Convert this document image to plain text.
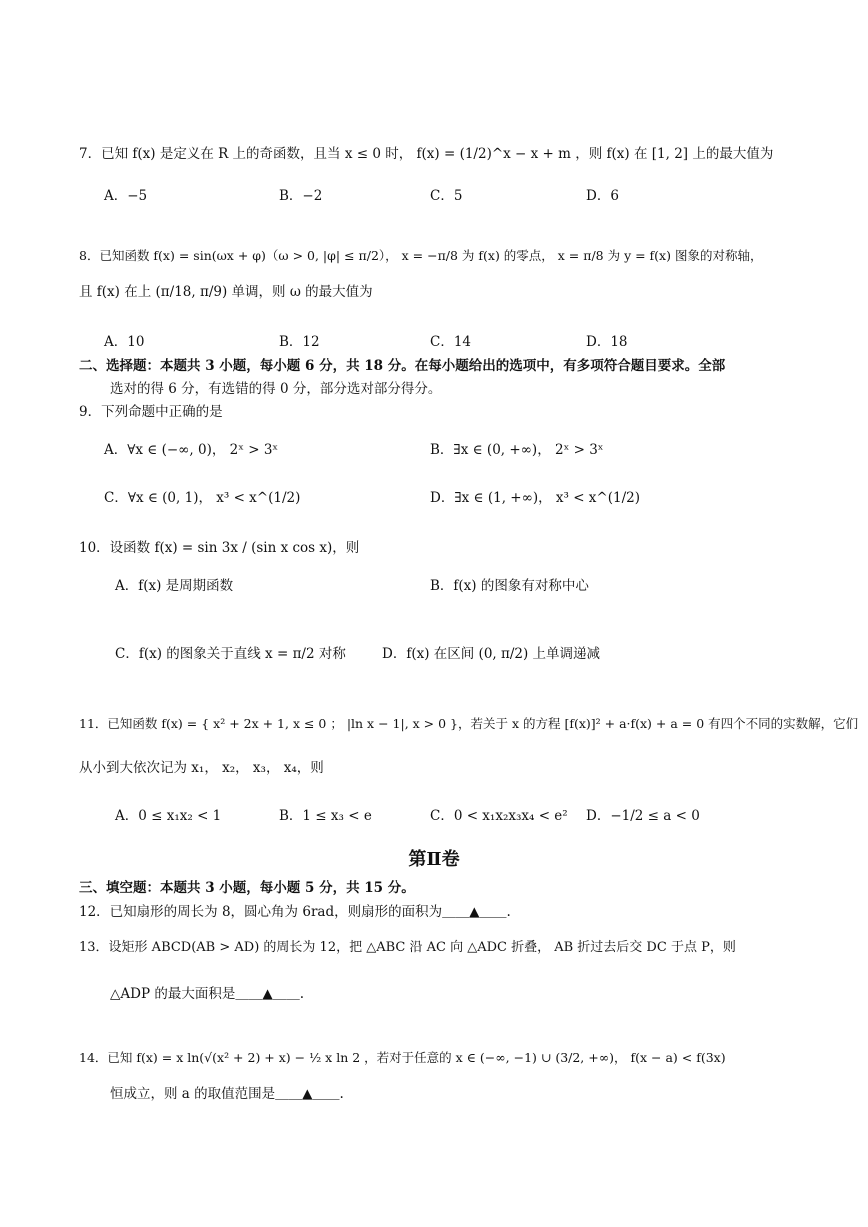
7．已知 f(x) 是定义在 R 上的奇函数，且当 x ≤ 0 时， f(x) = (1/2)^x − x + m ，则 f(x) 在 [1, 2] 上的最大值为
A．−5	B．−2	C．5	D．6
8．已知函数 f(x) = sin(ωx + φ)（ω > 0, |φ| ≤ π/2）， x = −π/8 为 f(x) 的零点， x = π/8 为 y = f(x) 图象的对称轴，
且 f(x) 在上 (π/18, π/9) 单调，则 ω 的最大值为
A．10	B．12	C．14	D．18
二、选择题：本题共 3 小题，每小题 6 分，共 18 分。在每小题给出的选项中，有多项符合题目要求。全部
选对的得 6 分，有选错的得 0 分，部分选对部分得分。
9．下列命题中正确的是
A．∀x ∈ (−∞, 0)， 2ˣ > 3ˣ	B．∃x ∈ (0, +∞)， 2ˣ > 3ˣ
C．∀x ∈ (0, 1)， x³ < x^(1/2)	D．∃x ∈ (1, +∞)， x³ < x^(1/2)
10．设函数 f(x) = sin 3x / (sin x cos x)，则
A．f(x) 是周期函数	B．f(x) 的图象有对称中心
C．f(x) 的图象关于直线 x = π/2 对称	D．f(x) 在区间 (0, π/2) 上单调递减
11．已知函数 f(x) = { x² + 2x + 1, x ≤ 0 ； |ln x − 1|, x > 0 }，若关于 x 的方程 [f(x)]² + a·f(x) + a = 0 有四个不同的实数解，它们
从小到大依次记为 x₁， x₂， x₃， x₄，则
A．0 ≤ x₁x₂ < 1	B．1 ≤ x₃ < e	C．0 < x₁x₂x₃x₄ < e² D．−1/2 ≤ a < 0
第Ⅱ卷
三、填空题：本题共 3 小题，每小题 5 分，共 15 分。
12．已知扇形的周长为 8，圆心角为 6rad，则扇形的面积为＿＿▲＿＿.
13．设矩形 ABCD(AB > AD) 的周长为 12，把 △ABC 沿 AC 向 △ADC 折叠， AB 折过去后交 DC 于点 P，则
△ADP 的最大面积是＿＿▲＿＿.
14．已知 f(x) = x ln(√(x² + 2) + x) − ½ x ln 2 ，若对于任意的 x ∈ (−∞, −1) ∪ (3/2, +∞)， f(x − a) < f(3x)
恒成立，则 a 的取值范围是＿＿▲＿＿.
